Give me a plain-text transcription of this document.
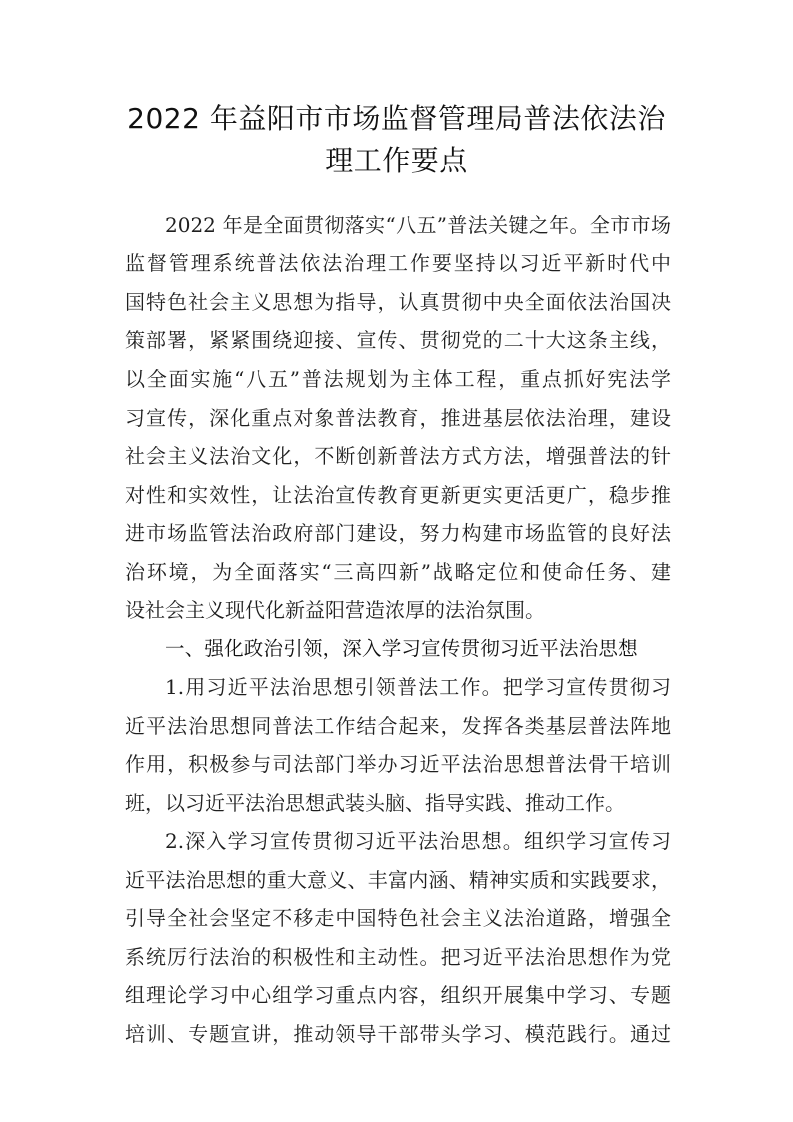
2022 年益阳市市场监督管理局普法依法治
理工作要点
2022 年是全面贯彻落实“八五”普法关键之年。全市市场
监督管理系统普法依法治理工作要坚持以习近平新时代中
国特色社会主义思想为指导，认真贯彻中央全面依法治国决
策部署，紧紧围绕迎接、宣传、贯彻党的二十大这条主线，
以全面实施“八五”普法规划为主体工程，重点抓好宪法学
习宣传，深化重点对象普法教育，推进基层依法治理，建设
社会主义法治文化，不断创新普法方式方法，增强普法的针
对性和实效性，让法治宣传教育更新更实更活更广，稳步推
进市场监管法治政府部门建设，努力构建市场监管的良好法
治环境，为全面落实“三高四新”战略定位和使命任务、建
设社会主义现代化新益阳营造浓厚的法治氛围。
一、强化政治引领，深入学习宣传贯彻习近平法治思想
1.用习近平法治思想引领普法工作。把学习宣传贯彻习
近平法治思想同普法工作结合起来，发挥各类基层普法阵地
作用，积极参与司法部门举办习近平法治思想普法骨干培训
班，以习近平法治思想武装头脑、指导实践、推动工作。
2.深入学习宣传贯彻习近平法治思想。组织学习宣传习
近平法治思想的重大意义、丰富内涵、精神实质和实践要求，
引导全社会坚定不移走中国特色社会主义法治道路，增强全
系统厉行法治的积极性和主动性。把习近平法治思想作为党
组理论学习中心组学习重点内容，组织开展集中学习、专题
培训、专题宣讲，推动领导干部带头学习、模范践行。通过
